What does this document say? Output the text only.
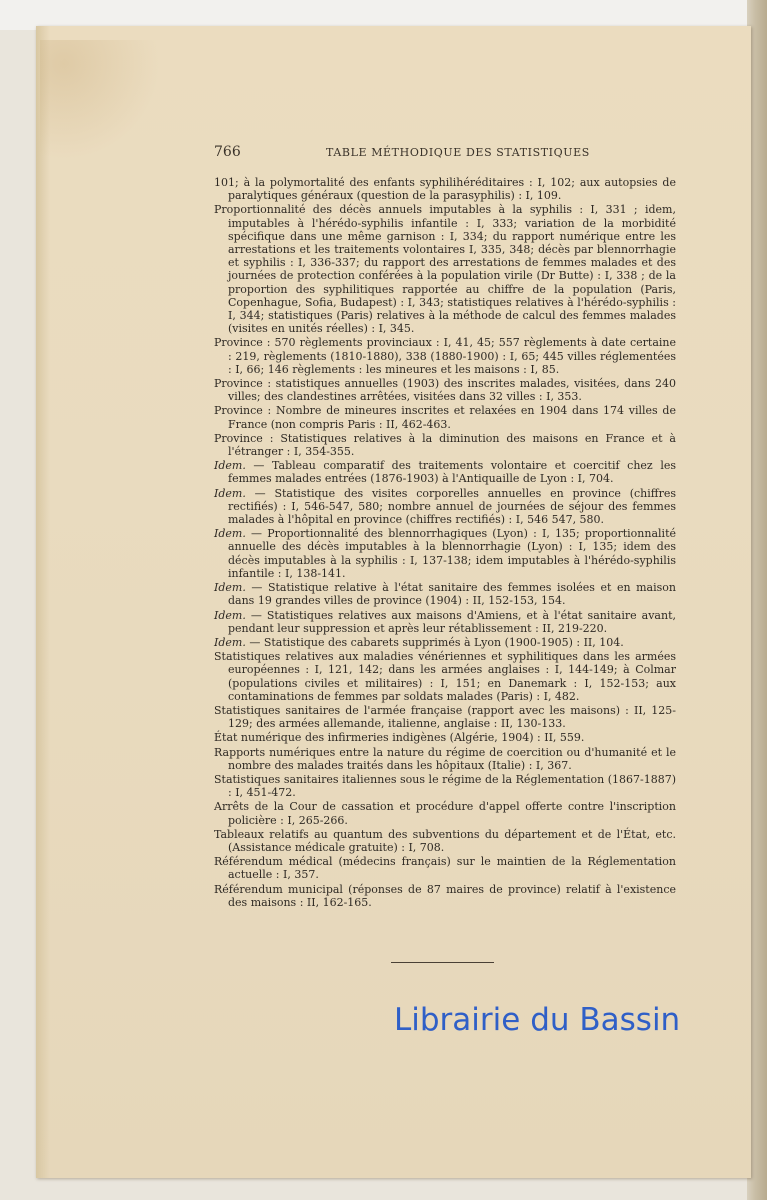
766	TABLE MÉTHODIQUE DES STATISTIQUES
101; à la polymortalité des enfants syphilihéréditaires : I, 102; aux autopsies de paralytiques généraux (question de la parasyphilis) : I, 109.
Proportionnalité des décès annuels imputables à la syphilis : I, 331 ; idem, imputables à l'hérédo-syphilis infantile : I, 333; variation de la morbidité spécifique dans une même garnison : I, 334; du rapport numérique entre les arrestations et les traitements volontaires I, 335, 348; décès par blennorrhagie et syphilis : I, 336-337; du rapport des arrestations de femmes malades et des journées de protection conférées à la population virile (Dr Butte) : I, 338 ; de la proportion des syphilitiques rapportée au chiffre de la population (Paris, Copenhague, Sofia, Budapest) : I, 343; statistiques relatives à l'hérédo-syphilis : I, 344; statistiques (Paris) relatives à la méthode de calcul des femmes malades (visites en unités réelles) : I, 345.
Province : 570 règlements provinciaux : I, 41, 45; 557 règlements à date certaine : 219, règlements (1810-1880), 338 (1880-1900) : I, 65; 445 villes réglementées : I, 66; 146 règlements : les mineures et les maisons : I, 85.
Province : statistiques annuelles (1903) des inscrites malades, visitées, dans 240 villes; des clandestines arrêtées, visitées dans 32 villes : I, 353.
Province : Nombre de mineures inscrites et relaxées en 1904 dans 174 villes de France (non compris Paris : II, 462-463.
Province : Statistiques relatives à la diminution des maisons en France et à l'étranger : I, 354-355.
Idem. — Tableau comparatif des traitements volontaire et coercitif chez les femmes malades entrées (1876-1903) à l'Antiquaille de Lyon : I, 704.
Idem. — Statistique des visites corporelles annuelles en province (chiffres rectifiés) : I, 546-547, 580; nombre annuel de journées de séjour des femmes malades à l'hôpital en province (chiffres rectifiés) : I, 546 547, 580.
Idem. — Proportionnalité des blennorrhagiques (Lyon) : I, 135; proportionnalité annuelle des décès imputables à la blennorrhagie (Lyon) : I, 135; idem des décès imputables à la syphilis : I, 137-138; idem imputables à l'hérédo-syphilis infantile : I, 138-141.
Idem. — Statistique relative à l'état sanitaire des femmes isolées et en maison dans 19 grandes villes de province (1904) : II, 152-153, 154.
Idem. — Statistiques relatives aux maisons d'Amiens, et à l'état sanitaire avant, pendant leur suppression et après leur rétablissement : II, 219-220.
Idem. — Statistique des cabarets supprimés à Lyon (1900-1905) : II, 104.
Statistiques relatives aux maladies vénériennes et syphilitiques dans les armées européennes : I, 121, 142; dans les armées anglaises : I, 144-149; à Colmar (populations civiles et militaires) : I, 151; en Danemark : I, 152-153; aux contaminations de femmes par soldats malades (Paris) : I, 482.
Statistiques sanitaires de l'armée française (rapport avec les maisons) : II, 125-129; des armées allemande, italienne, anglaise : II, 130-133.
État numérique des infirmeries indigènes (Algérie, 1904) : II, 559.
Rapports numériques entre la nature du régime de coercition ou d'humanité et le nombre des malades traités dans les hôpitaux (Italie) : I, 367.
Statistiques sanitaires italiennes sous le régime de la Réglementation (1867-1887) : I, 451-472.
Arrêts de la Cour de cassation et procédure d'appel offerte contre l'inscription policière : I, 265-266.
Tableaux relatifs au quantum des subventions du département et de l'État, etc. (Assistance médicale gratuite) : I, 708.
Référendum médical (médecins français) sur le maintien de la Réglementation actuelle : I, 357.
Référendum municipal (réponses de 87 maires de province) relatif à l'existence des maisons : II, 162-165.
Librairie du Bassin
